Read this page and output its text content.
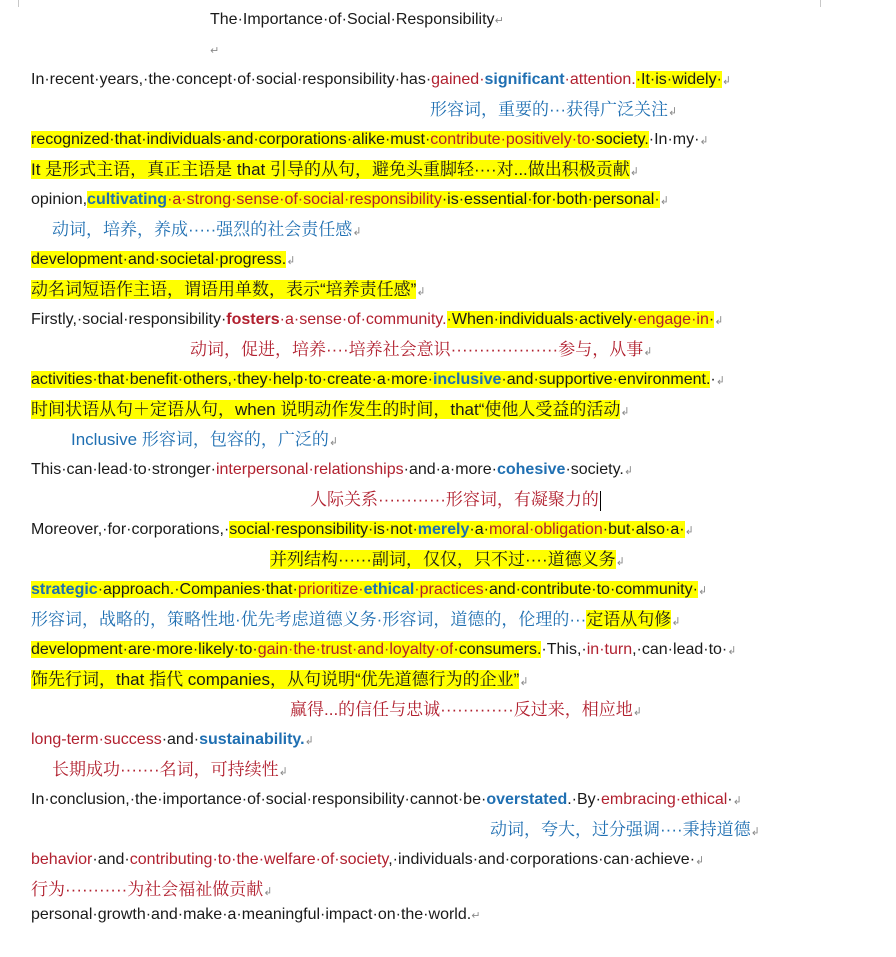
The·Importance·of·Social·Responsibility↵
↵
In·recent·years,·the·concept·of·social·responsibility·has·gained·significant·attention.·It·is·widely·↲
形容词，重要的···获得广泛关注↲
recognized·that·individuals·and·corporations·alike·must·contribute·positively·to·society.·In·my·↲
It 是形式主语，真正主语是 that 引导的从句，避免头重脚轻····对...做出积极贡献↲
opinion,cultivating·a·strong·sense·of·social·responsibility·is·essential·for·both·personal·↲
动词，培养，养成·····强烈的社会责任感↲
development·and·societal·progress.↲
动名词短语作主语，谓语用单数，表示“培养责任感”↲
Firstly,·social·responsibility·fosters·a·sense·of·community.·When·individuals·actively·engage·in·↲
动词，促进，培养····培养社会意识···················参与，从事↲
activities·that·benefit·others,·they·help·to·create·a·more·inclusive·and·supportive·environment.·↲
时间状语从句＋定语从句，when 说明动作发生的时间，that“使他人受益的活动↲
Inclusive 形容词，包容的，广泛的↲
This·can·lead·to·stronger·interpersonal·relationships·and·a·more·cohesive·society.↲
人际关系············形容词，有凝聚力的
Moreover,·for·corporations,·social·responsibility·is·not·merely·a·moral·obligation·but·also·a·↲
并列结构······副词，仅仅，只不过····道德义务↲
strategic·approach.·Companies·that·prioritize·ethical·practices·and·contribute·to·community·↲
形容词，战略的，策略性地·优先考虑道德义务·形容词，道德的，伦理的···定语从句修↲
development·are·more·likely·to·gain·the·trust·and·loyalty·of·consumers.·This,·in·turn,·can·lead·to·↲
饰先行词，that 指代 companies，从句说明“优先道德行为的企业”↲
赢得...的信任与忠诚·············反过来，相应地↲
long-term·success·and·sustainability.↲
长期成功·······名词，可持续性↲
In·conclusion,·the·importance·of·social·responsibility·cannot·be·overstated.·By·embracing·ethical·↲
动词，夸大，过分强调····秉持道德↲
behavior·and·contributing·to·the·welfare·of·society,·individuals·and·corporations·can·achieve·↲
行为···········为社会福祉做贡献↲
personal·growth·and·make·a·meaningful·impact·on·the·world.↵
